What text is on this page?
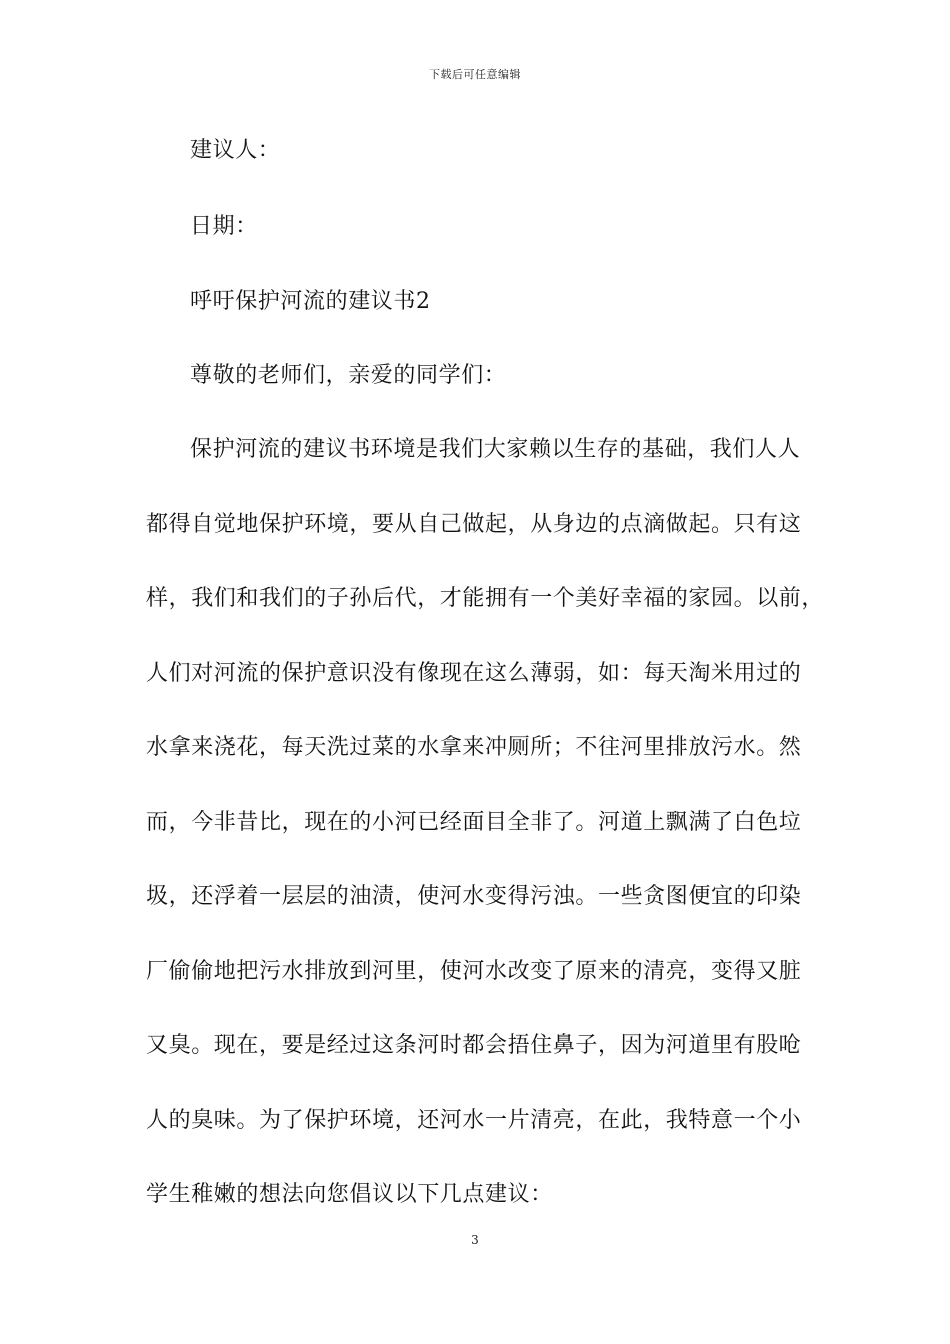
下载后可任意编辑
建议人：
日期：
呼吁保护河流的建议书2
尊敬的老师们，亲爱的同学们：
保护河流的建议书环境是我们大家赖以生存的基础，我们人人
都得自觉地保护环境，要从自己做起，从身边的点滴做起。只有这
样，我们和我们的子孙后代，才能拥有一个美好幸福的家园。以前，
人们对河流的保护意识没有像现在这么薄弱，如：每天淘米用过的
水拿来浇花，每天洗过菜的水拿来冲厕所；不往河里排放污水。然
而，今非昔比，现在的小河已经面目全非了。河道上飘满了白色垃
圾，还浮着一层层的油渍，使河水变得污浊。一些贪图便宜的印染
厂偷偷地把污水排放到河里，使河水改变了原来的清亮，变得又脏
又臭。现在，要是经过这条河时都会捂住鼻子，因为河道里有股呛
人的臭味。为了保护环境，还河水一片清亮，在此，我特意一个小
学生稚嫩的想法向您倡议以下几点建议：
3
